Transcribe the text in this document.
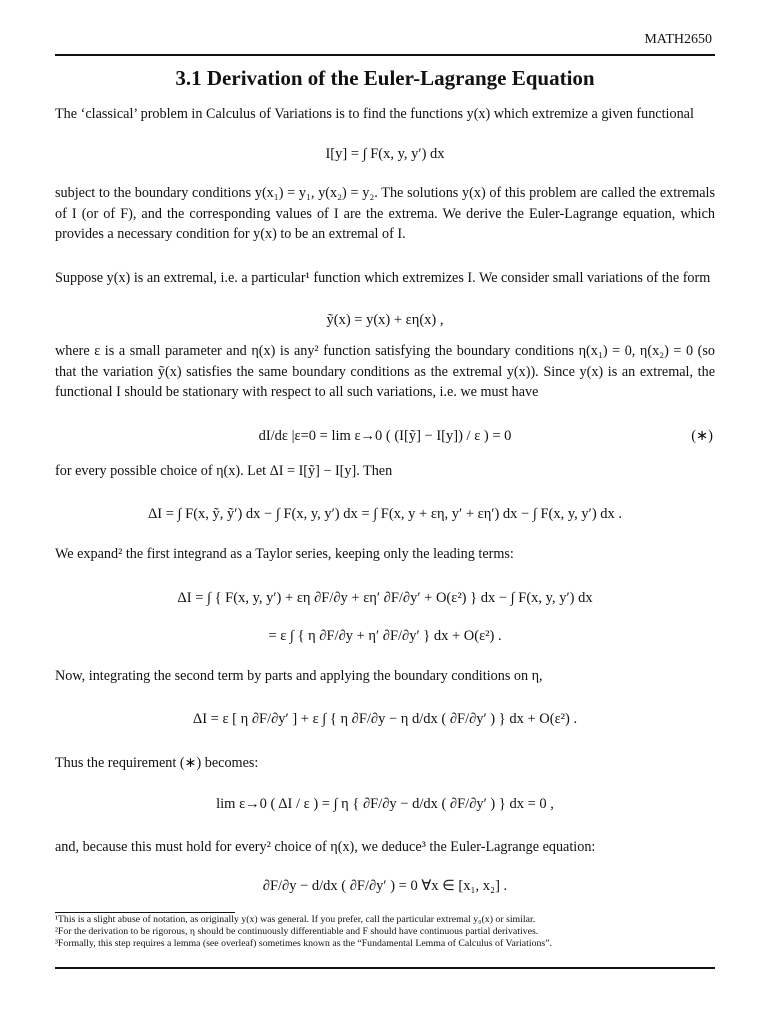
MATH2650
3.1 Derivation of the Euler-Lagrange Equation
The ‘classical’ problem in Calculus of Variations is to find the functions y(x) which extremize a given functional
I[y] = ∫ F(x, y, y′) dx
subject to the boundary conditions y(x₁) = y₁, y(x₂) = y₂. The solutions y(x) of this problem are called the extremals of I (or of F), and the corresponding values of I are the extrema. We derive the Euler-Lagrange equation, which provides a necessary condition for y(x) to be an extremal of I.
Suppose y(x) is an extremal, i.e. a particular¹ function which extremizes I. We consider small variations of the form
ỹ(x) = y(x) + εη(x) ,
where ε is a small parameter and η(x) is any² function satisfying the boundary conditions η(x₁) = 0, η(x₂) = 0 (so that the variation ỹ(x) satisfies the same boundary conditions as the extremal y(x)). Since y(x) is an extremal, the functional I should be stationary with respect to all such variations, i.e. we must have
dI/dε |ε=0 = lim ε→0 ( (I[ỹ] − I[y]) / ε ) = 0	(∗)
for every possible choice of η(x). Let ΔI = I[ỹ] − I[y]. Then
ΔI = ∫ F(x, ỹ, ỹ′) dx − ∫ F(x, y, y′) dx = ∫ F(x, y + εη, y′ + εη′) dx − ∫ F(x, y, y′) dx .
We expand² the first integrand as a Taylor series, keeping only the leading terms:
ΔI = ∫ { F(x, y, y′) + εη ∂F/∂y + εη′ ∂F/∂y′ + O(ε²) } dx − ∫ F(x, y, y′) dx
= ε ∫ { η ∂F/∂y + η′ ∂F/∂y′ } dx + O(ε²) .
Now, integrating the second term by parts and applying the boundary conditions on η,
ΔI = ε [ η ∂F/∂y′ ] + ε ∫ { η ∂F/∂y − η d/dx ( ∂F/∂y′ ) } dx + O(ε²) .
Thus the requirement (∗) becomes:
lim ε→0 ( ΔI / ε ) = ∫ η { ∂F/∂y − d/dx ( ∂F/∂y′ ) } dx = 0 ,
and, because this must hold for every² choice of η(x), we deduce³ the Euler-Lagrange equation:
∂F/∂y − d/dx ( ∂F/∂y′ ) = 0 ∀x ∈ [x₁, x₂] .
¹This is a slight abuse of notation, as originally y(x) was general. If you prefer, call the particular extremal y₀(x) or similar.
²For the derivation to be rigorous, η should be continuously differentiable and F should have continuous partial derivatives.
³Formally, this step requires a lemma (see overleaf) sometimes known as the “Fundamental Lemma of Calculus of Variations”.
